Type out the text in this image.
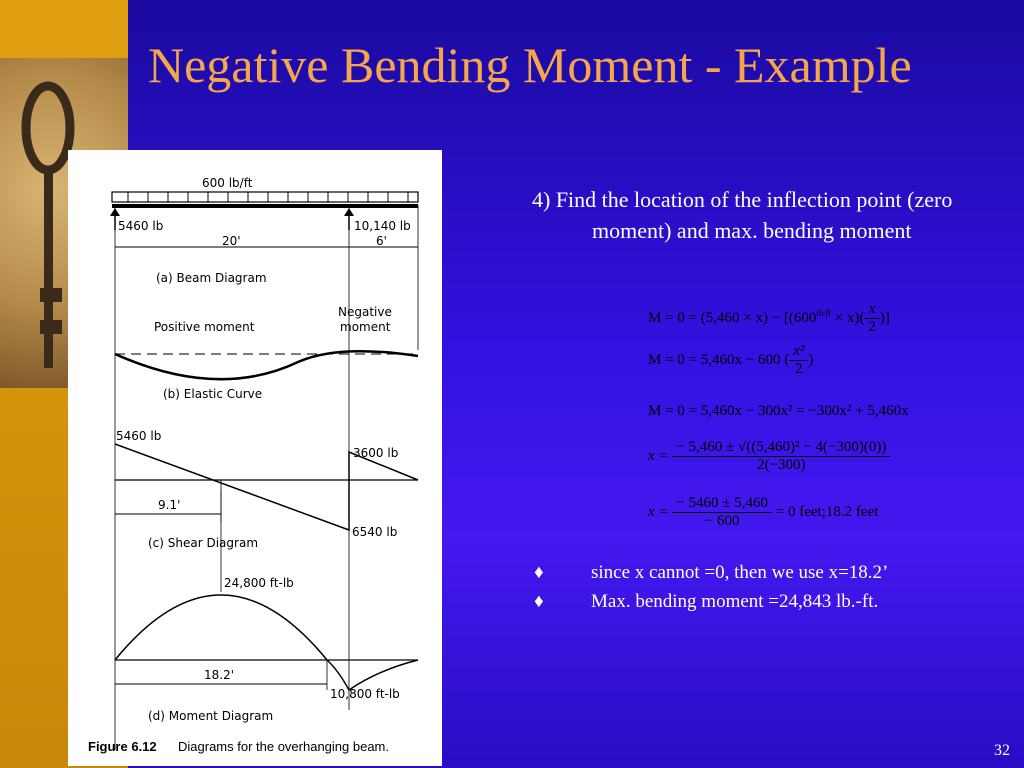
Negative Bending Moment - Example
600 lb/ft
5460 lb	10,140 lb
20'	6'
(a) Beam Diagram
Positive moment
Negative
moment
(b) Elastic Curve
5460 lb
3600 lb
6540 lb
9.1'
(c) Shear Diagram
24,800 ft-lb
18.2'
10,800 ft-lb
(d) Moment Diagram
Figure 6.12 Diagrams for the overhanging beam.
4) Find the location of the inflection point (zero moment) and max. bending moment
$M = 0 = (5,460 \times x) - [(600^{lb/ft} \times x)( \frac{x}{2}$ )]
M = 0 = 5,460x − 600 ( $\frac{\text{x²}}{2}$ )
M = 0 = 5,460x − 300x² = −300x² + 5,460x
$x = \frac{\text{− 5,460 ± √((5,460)² − 4(−300)(0))}}{2(-300)}$
$x = \frac{- 5460 \pm 5,460}{- 600} = 0$ feet;18.2 feet
♦ since x cannot =0, then we use x=18.2’
♦ Max. bending moment =24,843 lb.-ft.
32
